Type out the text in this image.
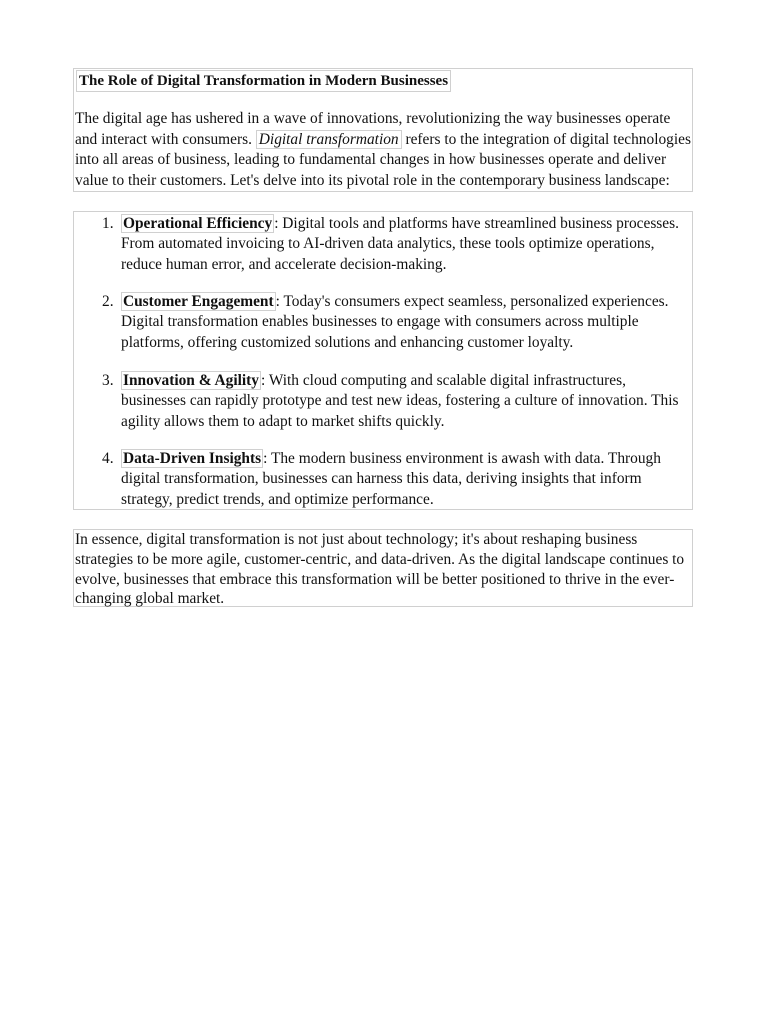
The Role of Digital Transformation in Modern Businesses

The digital age has ushered in a wave of innovations, revolutionizing the way businesses operate and interact with consumers. Digital transformation refers to the integration of digital technologies into all areas of business, leading to fundamental changes in how businesses operate and deliver value to their customers. Let's delve into its pivotal role in the contemporary business landscape:

1. Operational Efficiency : Digital tools and platforms have streamlined business processes. From automated invoicing to AI-driven data analytics, these tools optimize operations, reduce human error, and accelerate decision-making.
2. Customer Engagement : Today's consumers expect seamless, personalized experiences. Digital transformation enables businesses to engage with consumers across multiple platforms, offering customized solutions and enhancing customer loyalty.
3. Innovation & Agility : With cloud computing and scalable digital infrastructures, businesses can rapidly prototype and test new ideas, fostering a culture of innovation. This agility allows them to adapt to market shifts quickly.
4. Data-Driven Insights : The modern business environment is awash with data. Through digital transformation, businesses can harness this data, deriving insights that inform strategy, predict trends, and optimize performance.

In essence, digital transformation is not just about technology; it's about reshaping business strategies to be more agile, customer-centric, and data-driven. As the digital landscape continues to evolve, businesses that embrace this transformation will be better positioned to thrive in the ever-changing global market.
